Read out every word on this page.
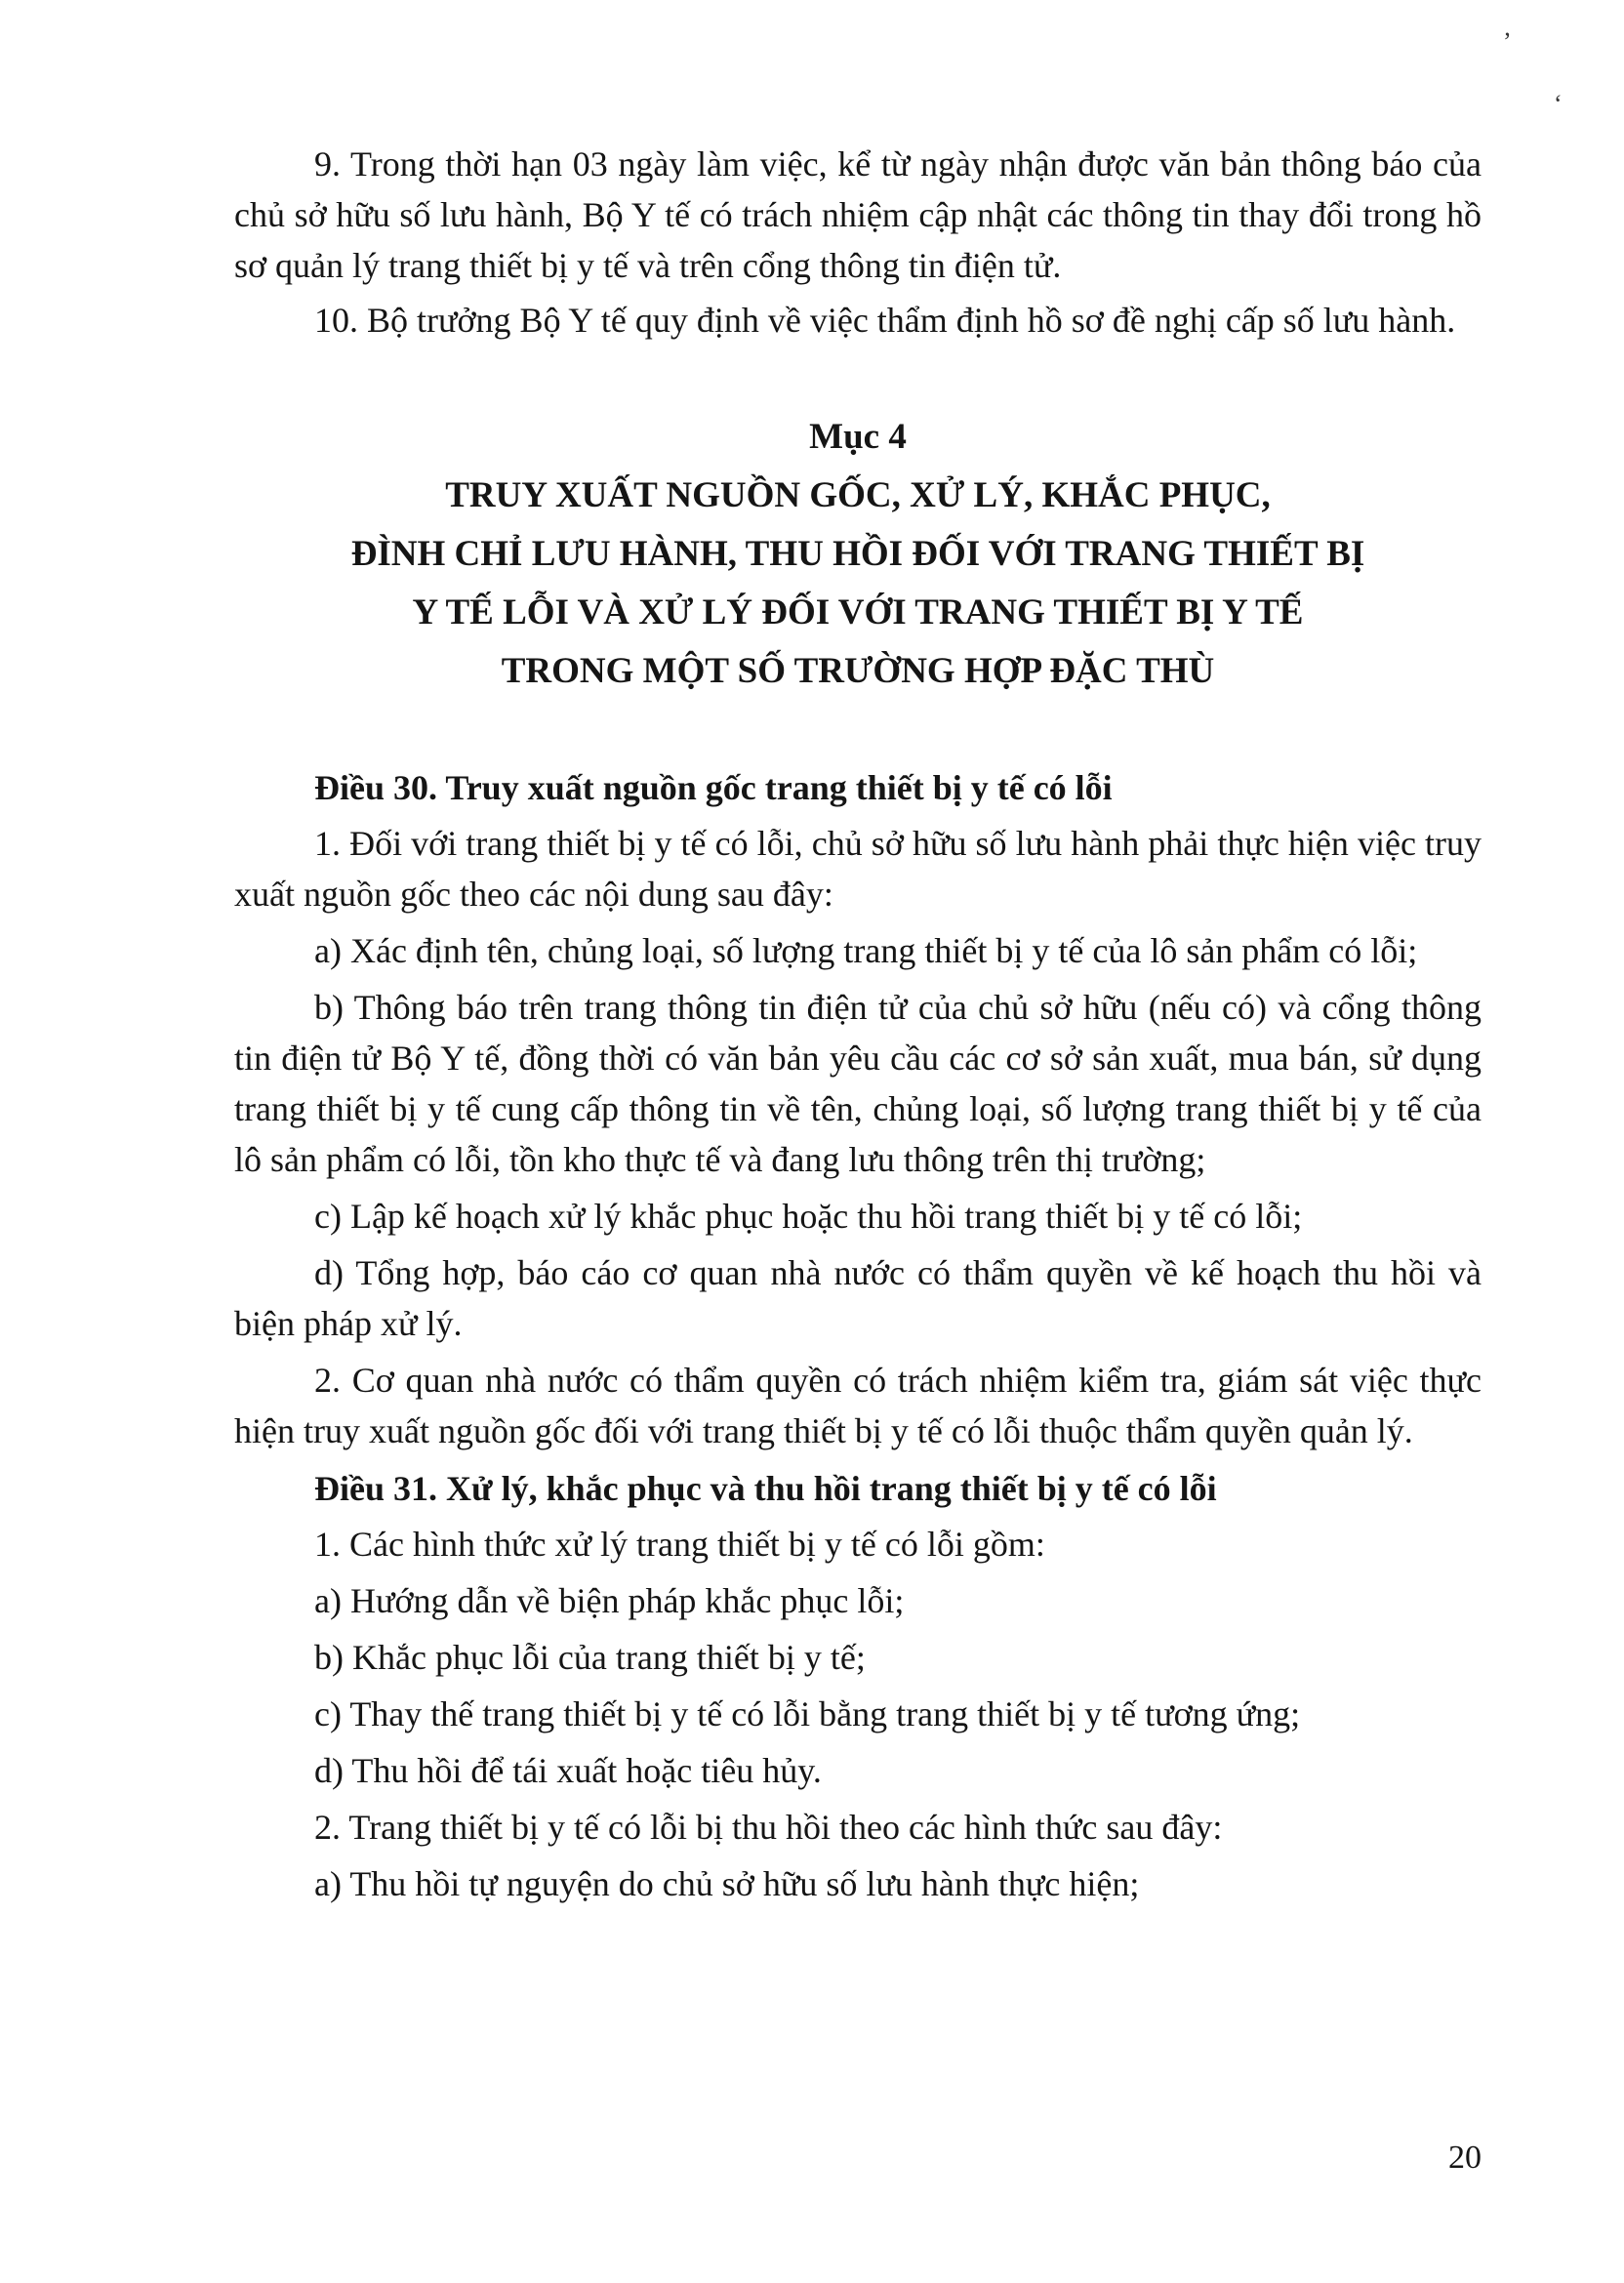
’
‘

9. Trong thời hạn 03 ngày làm việc, kể từ ngày nhận được văn bản thông báo của chủ sở hữu số lưu hành, Bộ Y tế có trách nhiệm cập nhật các thông tin thay đổi trong hồ sơ quản lý trang thiết bị y tế và trên cổng thông tin điện tử.

10. Bộ trưởng Bộ Y tế quy định về việc thẩm định hồ sơ đề nghị cấp số lưu hành.

Mục 4

TRUY XUẤT NGUỒN GỐC, XỬ LÝ, KHẮC PHỤC,

ĐÌNH CHỈ LƯU HÀNH, THU HỒI ĐỐI VỚI TRANG THIẾT BỊ

Y TẾ LỖI VÀ XỬ LÝ ĐỐI VỚI TRANG THIẾT BỊ Y TẾ

TRONG MỘT SỐ TRƯỜNG HỢP ĐẶC THÙ

Điều 30. Truy xuất nguồn gốc trang thiết bị y tế có lỗi

1. Đối với trang thiết bị y tế có lỗi, chủ sở hữu số lưu hành phải thực hiện việc truy xuất nguồn gốc theo các nội dung sau đây:

a) Xác định tên, chủng loại, số lượng trang thiết bị y tế của lô sản phẩm có lỗi;

b) Thông báo trên trang thông tin điện tử của chủ sở hữu (nếu có) và cổng thông tin điện tử Bộ Y tế, đồng thời có văn bản yêu cầu các cơ sở sản xuất, mua bán, sử dụng trang thiết bị y tế cung cấp thông tin về tên, chủng loại, số lượng trang thiết bị y tế của lô sản phẩm có lỗi, tồn kho thực tế và đang lưu thông trên thị trường;

c) Lập kế hoạch xử lý khắc phục hoặc thu hồi trang thiết bị y tế có lỗi;

d) Tổng hợp, báo cáo cơ quan nhà nước có thẩm quyền về kế hoạch thu hồi và biện pháp xử lý.

2. Cơ quan nhà nước có thẩm quyền có trách nhiệm kiểm tra, giám sát việc thực hiện truy xuất nguồn gốc đối với trang thiết bị y tế có lỗi thuộc thẩm quyền quản lý.

Điều 31. Xử lý, khắc phục và thu hồi trang thiết bị y tế có lỗi

1. Các hình thức xử lý trang thiết bị y tế có lỗi gồm:

a) Hướng dẫn về biện pháp khắc phục lỗi;

b) Khắc phục lỗi của trang thiết bị y tế;

c) Thay thế trang thiết bị y tế có lỗi bằng trang thiết bị y tế tương ứng;

d) Thu hồi để tái xuất hoặc tiêu hủy.

2. Trang thiết bị y tế có lỗi bị thu hồi theo các hình thức sau đây:

a) Thu hồi tự nguyện do chủ sở hữu số lưu hành thực hiện;

20
